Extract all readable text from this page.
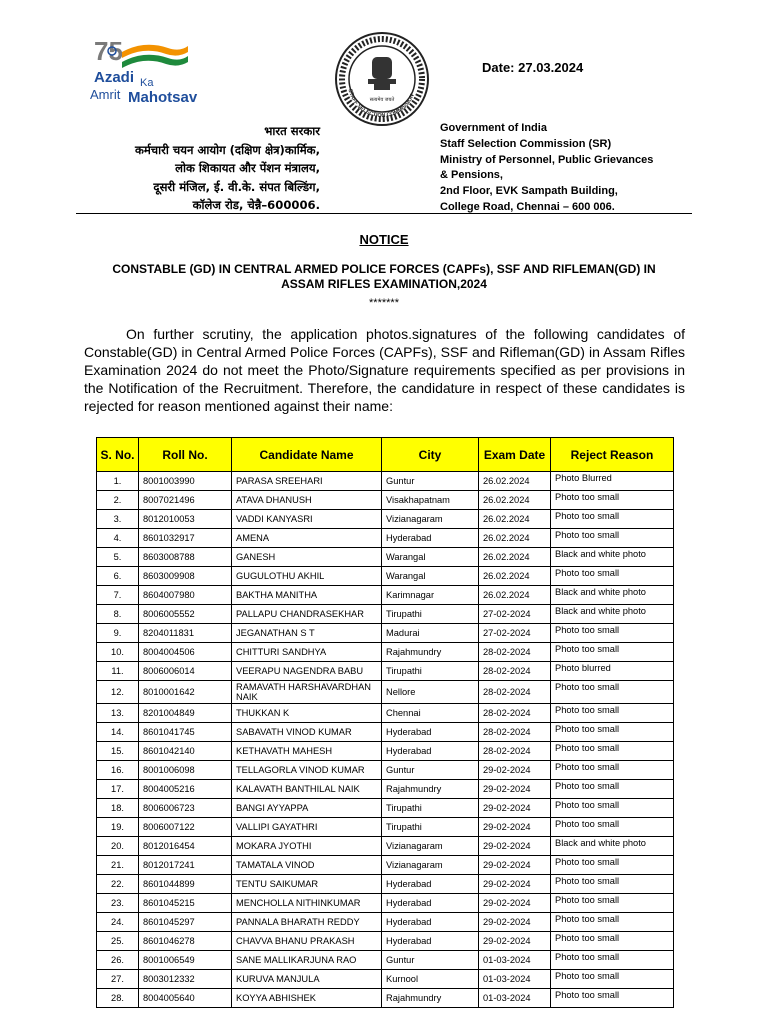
75
Azadi Ka
Amrit Mahotsav	STAFF SELECTION COMMISSION
सत्यमेव जयते
Date: 27.03.2024
भारत सरकार
कर्मचारी चयन आयोग (दक्षिण क्षेत्र)कार्मिक,
लोक शिकायत और पेंशन मंत्रालय,
दूसरी मंजिल, ई. वी.के. संपत बिल्डिंग,
कॉलेज रोड, चेन्नै–600006.
Government of India
Staff Selection Commission (SR)
Ministry of Personnel, Public Grievances
& Pensions,
2nd Floor, EVK Sampath Building,
College Road, Chennai – 600 006.
NOTICE
CONSTABLE (GD) IN CENTRAL ARMED POLICE FORCES (CAPFs), SSF AND RIFLEMAN(GD) IN ASSAM RIFLES EXAMINATION,2024
*******

On further scrutiny, the application photos.signatures of the following candidates of Constable(GD) in Central Armed Police Forces (CAPFs), SSF and Rifleman(GD) in Assam Rifles Examination 2024 do not meet the Photo/Signature requirements specified as per provisions in the Notification of the Recruitment. Therefore, the candidature in respect of these candidates is rejected for reason mentioned against their name:

S. No.	Roll No.	Candidate Name	City	Exam Date	Reject Reason
1.	8001003990	PARASA SREEHARI	Guntur	26.02.2024	Photo Blurred
2.	8007021496	ATAVA DHANUSH	Visakhapatnam	26.02.2024	Photo too small
3.	8012010053	VADDI KANYASRI	Vizianagaram	26.02.2024	Photo too small
4.	8601032917	AMENA	Hyderabad	26.02.2024	Photo too small
5.	8603008788	GANESH	Warangal	26.02.2024	Black and white photo
6.	8603009908	GUGULOTHU AKHIL	Warangal	26.02.2024	Photo too small
7.	8604007980	BAKTHA MANITHA	Karimnagar	26.02.2024	Black and white photo
8.	8006005552	PALLAPU CHANDRASEKHAR	Tirupathi	27-02-2024	Black and white photo
9.	8204011831	JEGANATHAN S T	Madurai	27-02-2024	Photo too small
10.	8004004506	CHITTURI SANDHYA	Rajahmundry	28-02-2024	Photo too small
11.	8006006014	VEERAPU NAGENDRA BABU	Tirupathi	28-02-2024	Photo blurred
12.	8010001642	RAMAVATH HARSHAVARDHAN NAIK	Nellore	28-02-2024	Photo too small
13.	8201004849	THUKKAN K	Chennai	28-02-2024	Photo too small
14.	8601041745	SABAVATH VINOD KUMAR	Hyderabad	28-02-2024	Photo too small
15.	8601042140	KETHAVATH MAHESH	Hyderabad	28-02-2024	Photo too small
16.	8001006098	TELLAGORLA VINOD KUMAR	Guntur	29-02-2024	Photo too small
17.	8004005216	KALAVATH BANTHILAL NAIK	Rajahmundry	29-02-2024	Photo too small
18.	8006006723	BANGI AYYAPPA	Tirupathi	29-02-2024	Photo too small
19.	8006007122	VALLIPI GAYATHRI	Tirupathi	29-02-2024	Photo too small
20.	8012016454	MOKARA JYOTHI	Vizianagaram	29-02-2024	Black and white photo
21.	8012017241	TAMATALA VINOD	Vizianagaram	29-02-2024	Photo too small
22.	8601044899	TENTU SAIKUMAR	Hyderabad	29-02-2024	Photo too small
23.	8601045215	MENCHOLLA NITHINKUMAR	Hyderabad	29-02-2024	Photo too small
24.	8601045297	PANNALA BHARATH REDDY	Hyderabad	29-02-2024	Photo too small
25.	8601046278	CHAVVA BHANU PRAKASH	Hyderabad	29-02-2024	Photo too small
26.	8001006549	SANE MALLIKARJUNA RAO	Guntur	01-03-2024	Photo too small
27.	8003012332	KURUVA MANJULA	Kurnool	01-03-2024	Photo too small
28.	8004005640	KOYYA ABHISHEK	Rajahmundry	01-03-2024	Photo too small
